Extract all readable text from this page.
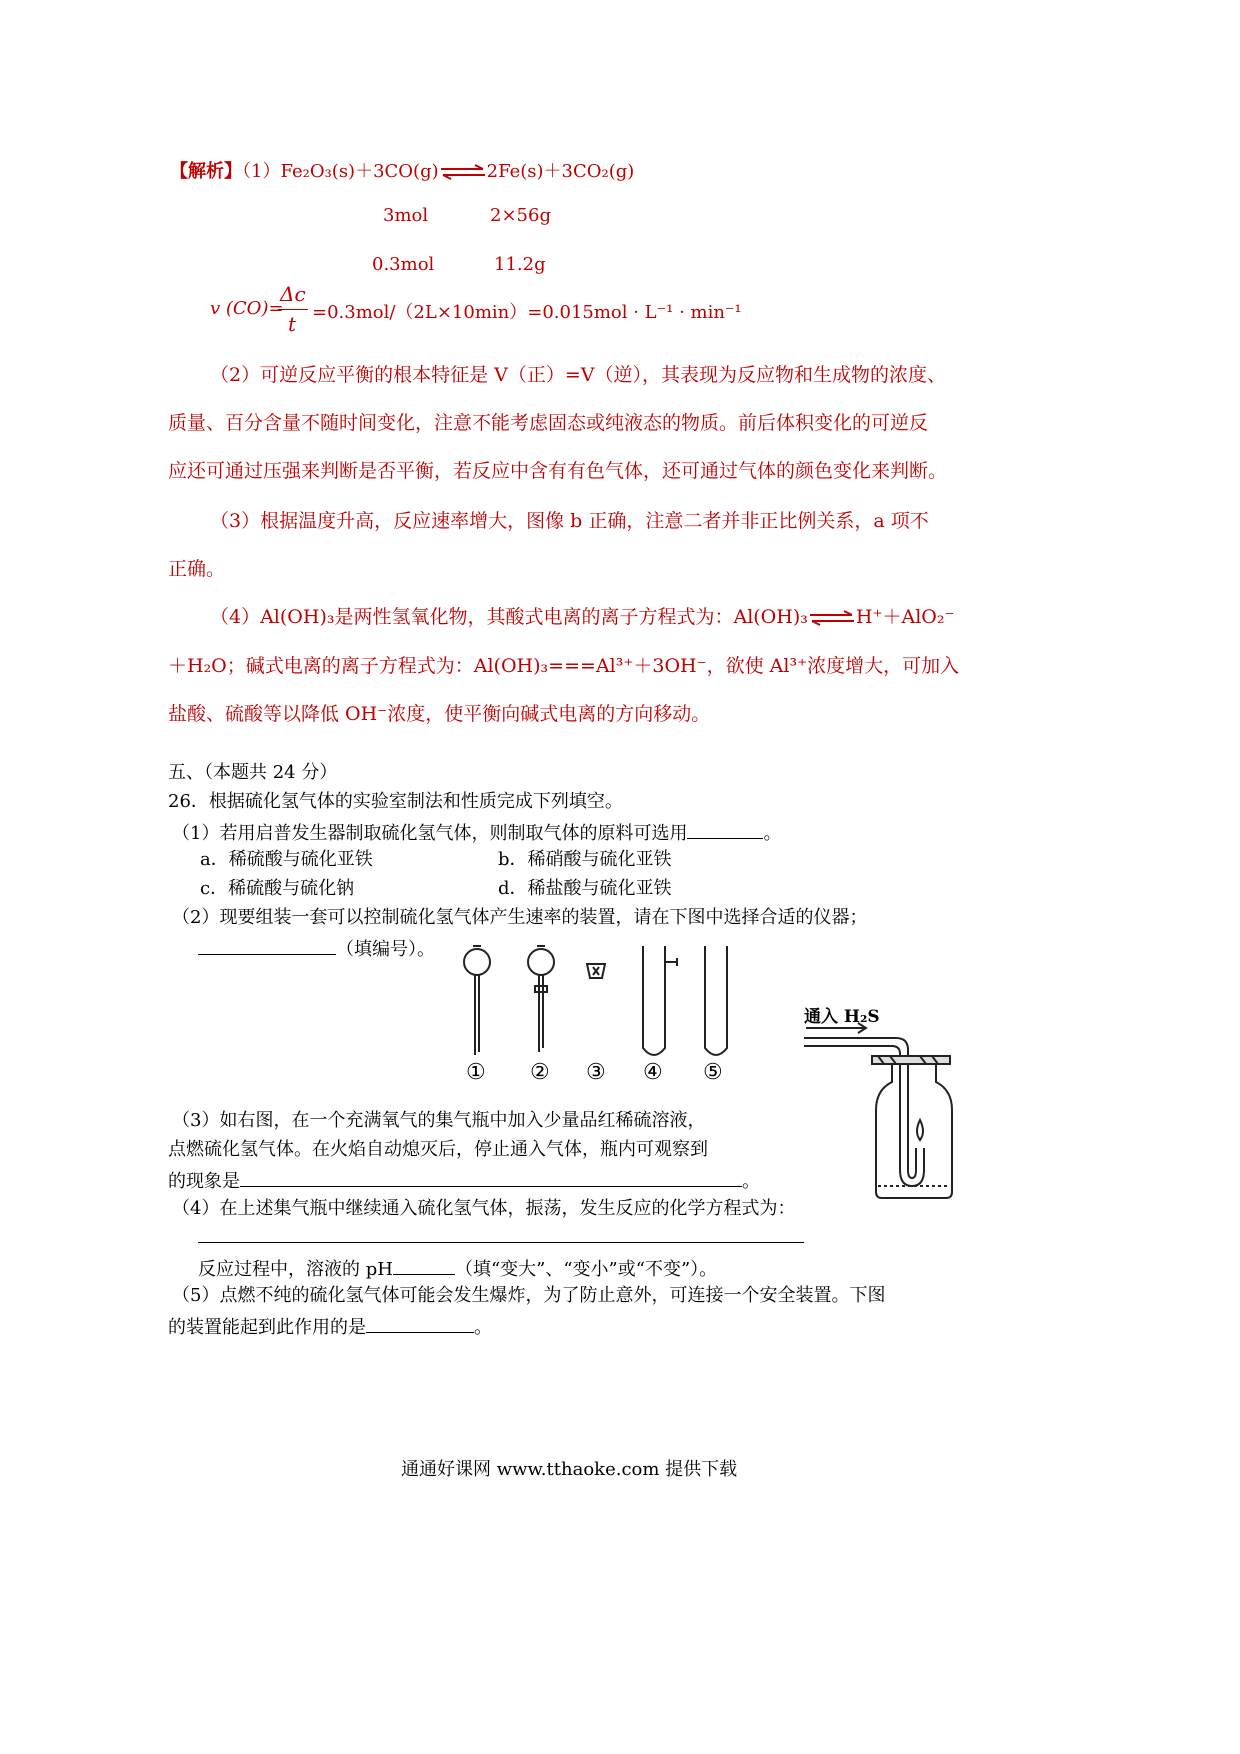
【解析】（1）Fe₂O₃(s)＋3CO(g) ⇌ 2Fe(s)＋3CO₂(g)
3mol	2×56g
0.3mol	11.2g
v (CO)=
Δc
t =0.3mol/（2L×10min）=0.015mol · L⁻¹ · min⁻¹
（2）可逆反应平衡的根本特征是 V（正）=V（逆），其表现为反应物和生成物的浓度、
质量、百分含量不随时间变化，注意不能考虑固态或纯液态的物质。前后体积变化的可逆反
应还可通过压强来判断是否平衡，若反应中含有有色气体，还可通过气体的颜色变化来判断。
（3）根据温度升高，反应速率增大，图像 b 正确，注意二者并非正比例关系，a 项不
正确。
（4）Al(OH)₃是两性氢氧化物，其酸式电离的离子方程式为：Al(OH)₃ ⇌ H⁺＋AlO₂⁻
＋H₂O；碱式电离的离子方程式为：Al(OH)₃===Al³⁺＋3OH⁻，欲使 Al³⁺浓度增大，可加入
盐酸、硫酸等以降低 OH⁻浓度，使平衡向碱式电离的方向移动。
五、（本题共 24 分）
26．根据硫化氢气体的实验室制法和性质完成下列填空。
（1）若用启普发生器制取硫化氢气体，则制取气体的原料可选用	。
a．稀硫酸与硫化亚铁	b．稀硝酸与硫化亚铁
c．稀硫酸与硫化钠	d．稀盐酸与硫化亚铁
（2）现要组装一套可以控制硫化氢气体产生速率的装置，请在下图中选择合适的仪器；
（填编号）。
① ② ③ ④ ⑤
通入 H₂S
（3）如右图，在一个充满氧气的集气瓶中加入少量品红稀硫溶液，
点燃硫化氢气体。在火焰自动熄灭后，停止通入气体，瓶内可观察到
的现象是	。
（4）在上述集气瓶中继续通入硫化氢气体，振荡，发生反应的化学方程式为：
反应过程中，溶液的 pH	（填“变大”、“变小”或“不变”）。
（5）点燃不纯的硫化氢气体可能会发生爆炸，为了防止意外，可连接一个安全装置。下图
的装置能起到此作用的是	。
通通好课网 www.tthaoke.com 提供下载
